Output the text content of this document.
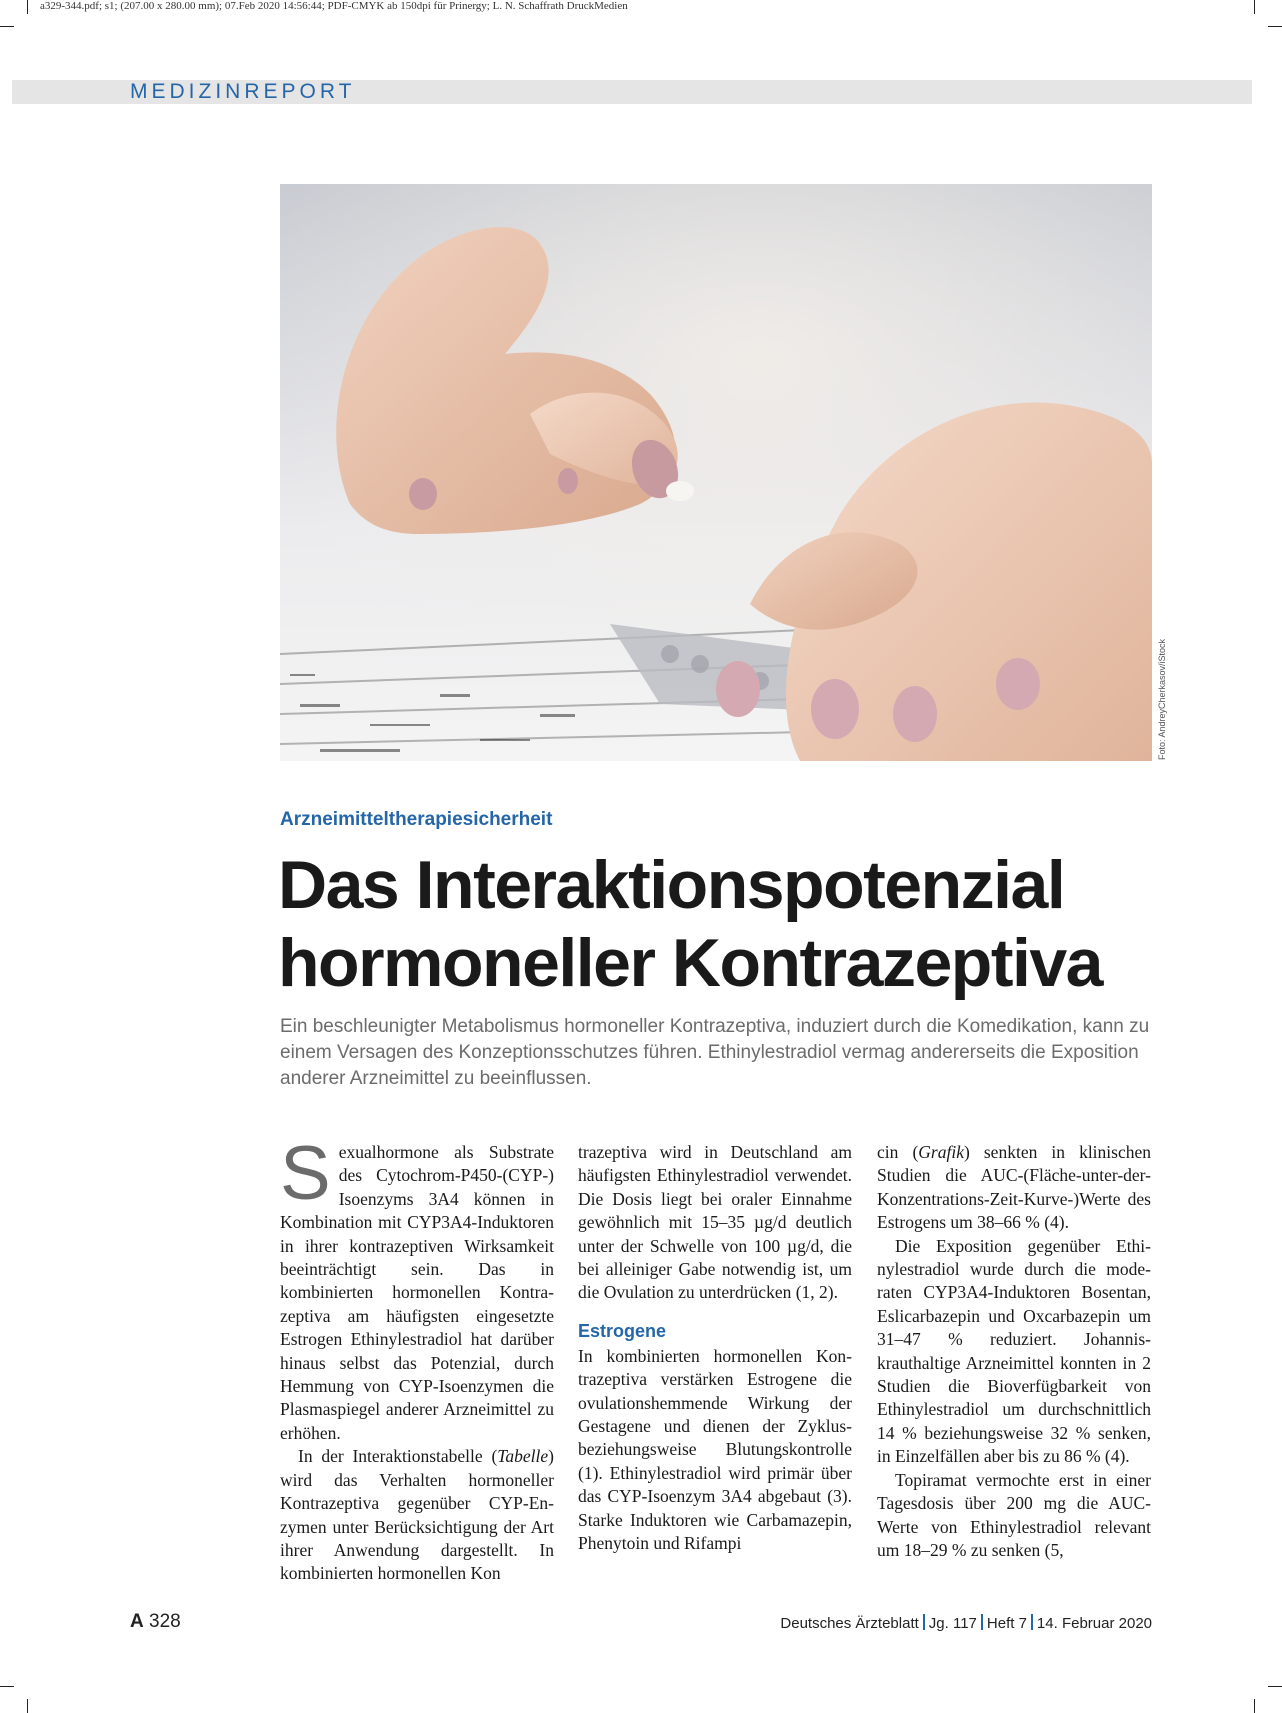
a329-344.pdf; s1; (207.00 x 280.00 mm); 07.Feb 2020 14:56:44; PDF-CMYK ab 150dpi für Prinergy; L. N. Schaffrath DruckMedien
MEDIZINREPORT
Foto: AndreyCherkasov/iStock
Arzneimitteltherapiesicherheit
Das Interaktionspotenzial
hormoneller Kontrazeptiva

Ein beschleunigter Metabolismus hormoneller Kontrazeptiva, induziert durch die Komedikation, kann zu einem Versagen des Konzeptionsschutzes führen. Ethinylestradiol vermag andererseits die Exposition anderer Arzneimittel zu beeinflussen.

Sexualhormone als Substrate des Cytochrom-P450-(CYP-) Isoenzyms 3A4 können in Kombination mit CYP3A4-Induktoren in ihrer kontrazeptiven Wirksamkeit beeinträchtigt sein. Das in kombinierten hormonellen Kontrazeptiva am häufigsten eingesetzte Estrogen Ethinylestradiol hat darüber hinaus selbst das Potenzial, durch Hemmung von CYP-Isoenzymen die Plasmaspiegel anderer Arzneimittel zu erhöhen.

In der Interaktionstabelle (Tabelle) wird das Verhalten hormoneller Kontrazeptiva gegenüber CYP-Enzymen unter Berücksichtigung der Art ihrer Anwendung dargestellt. In kombinierten hormonellen Kon

trazeptiva wird in Deutschland am häufigsten Ethinylestradiol verwendet. Die Dosis liegt bei oraler Einnahme gewöhnlich mit 15–35 µg/d deutlich unter der Schwelle von 100 µg/d, die bei alleiniger Gabe notwendig ist, um die Ovulation zu unterdrücken (1, 2).

Estrogene

In kombinierten hormonellen Kontrazeptiva verstärken Estrogene die ovulationshemmende Wirkung der Gestagene und dienen der Zyklus- beziehungsweise Blutungskontrolle (1). Ethinylestradiol wird primär über das CYP-Isoenzym 3A4 abgebaut (3). Starke Induktoren wie Carbamazepin, Phenytoin und Rifampi

cin (Grafik) senkten in klinischen Studien die AUC-(Fläche-unter-der-Konzentrations-Zeit-Kurve-)Werte des Estrogens um 38–66 % (4).

Die Exposition gegenüber Ethinylestradiol wurde durch die moderaten CYP3A4-Induktoren Bosentan, Eslicarbazepin und Oxcarbazepin um 31–47 % reduziert. Johanniskrauthaltige Arzneimittel konnten in 2 Studien die Bioverfügbarkeit von Ethinylestradiol um durchschnittlich 14 % beziehungsweise 32 % senken, in Einzelfällen aber bis zu 86 % (4).

Topiramat vermochte erst in einer Tagesdosis über 200 mg die AUC-Werte von Ethinylestradiol relevant um 18–29 % zu senken (5,

A 328	Deutsches Ärzteblatt Jg. 117 Heft 7 14. Februar 2020
